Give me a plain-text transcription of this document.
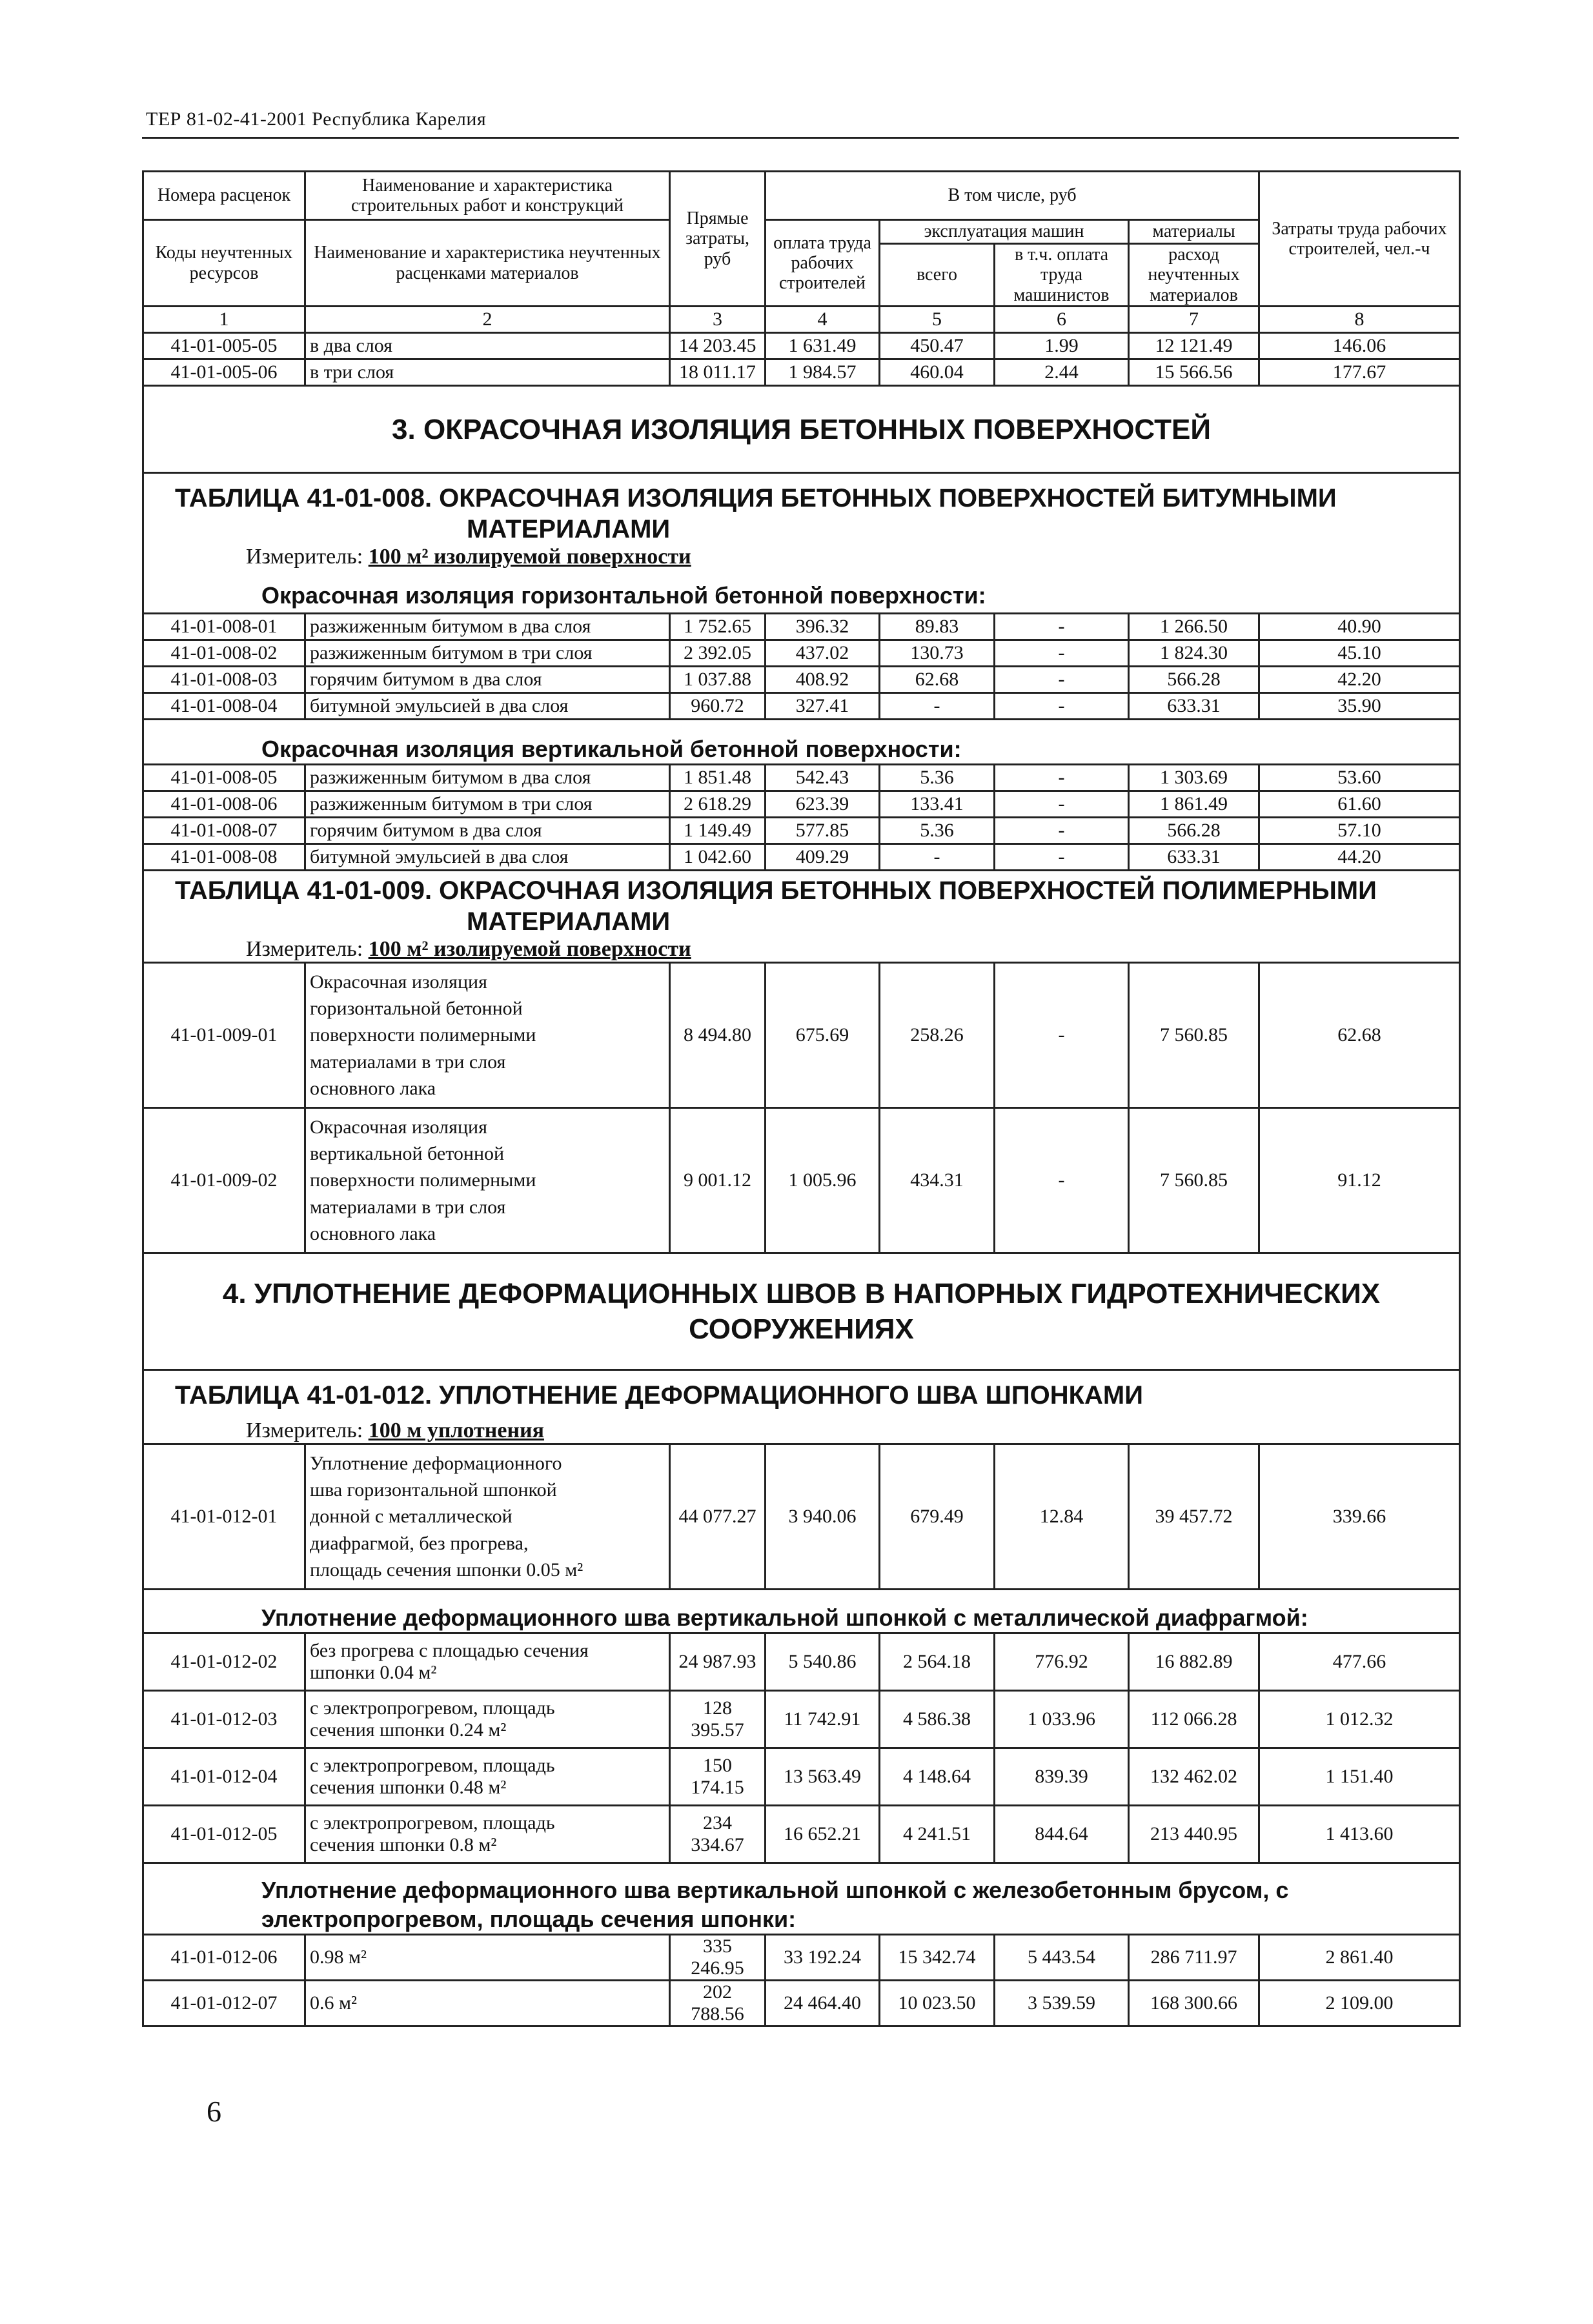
ТЕР 81-02-41-2001 Республика Карелия
Номера расценок	Наименование и характеристика строительных работ и конструкций	Прямые затраты, руб	В том числе, руб				Затраты труда рабочих строителей, чел.-ч
Коды неучтенных ресурсов	Наименование и характеристика неучтенных расценками материалов		оплата труда рабочих строителей	эксплуатация машин		материалы	
				всего	в т.ч. оплата труда машинистов	расход неучтенных материалов	
1	2	3	4	5	6	7	8
41-01-005-05	в два слоя	14 203.45	1 631.49	450.47	1.99	12 121.49	146.06
41-01-005-06	в три слоя	18 011.17	1 984.57	460.04	2.44	15 566.56	177.67
3. ОКРАСОЧНАЯ ИЗОЛЯЦИЯ БЕТОННЫХ ПОВЕРХНОСТЕЙ							

ТАБЛИЦА 41-01-008. ОКРАСОЧНАЯ ИЗОЛЯЦИЯ БЕТОННЫХ ПОВЕРХНОСТЕЙ БИТУМНЫМИ
МАТЕРИАЛАМИ
Измеритель: 100 м² изолируемой поверхности
Окрасочная изоляция горизонтальной бетонной поверхности:							

41-01-008-01	разжиженным битумом в два слоя	1 752.65	396.32	89.83	-	1 266.50	40.90
41-01-008-02	разжиженным битумом в три слоя	2 392.05	437.02	130.73	-	1 824.30	45.10
41-01-008-03	горячим битумом в два слоя	1 037.88	408.92	62.68	-	566.28	42.20
41-01-008-04	битумной эмульсией в два слоя	960.72	327.41	-	-	633.31	35.90

Окрасочная изоляция вертикальной бетонной поверхности:							

41-01-008-05	разжиженным битумом в два слоя	1 851.48	542.43	5.36	-	1 303.69	53.60
41-01-008-06	разжиженным битумом в три слоя	2 618.29	623.39	133.41	-	1 861.49	61.60
41-01-008-07	горячим битумом в два слоя	1 149.49	577.85	5.36	-	566.28	57.10
41-01-008-08	битумной эмульсией в два слоя	1 042.60	409.29	-	-	633.31	44.20

ТАБЛИЦА 41-01-009. ОКРАСОЧНАЯ ИЗОЛЯЦИЯ БЕТОННЫХ ПОВЕРХНОСТЕЙ ПОЛИМЕРНЫМИ
МАТЕРИАЛАМИ
Измеритель: 100 м² изолируемой поверхности							

41-01-009-01	Окрасочная изоляция
горизонтальной бетонной
поверхности полимерными
материалами в три слоя
основного лака	8 494.80	675.69	258.26	-	7 560.85	62.68
41-01-009-02	Окрасочная изоляция
вертикальной бетонной
поверхности полимерными
материалами в три слоя
основного лака	9 001.12	1 005.96	434.31	-	7 560.85	91.12

4. УПЛОТНЕНИЕ ДЕФОРМАЦИОННЫХ ШВОВ В НАПОРНЫХ ГИДРОТЕХНИЧЕСКИХ
СООРУЖЕНИЯХ							

ТАБЛИЦА 41-01-012. УПЛОТНЕНИЕ ДЕФОРМАЦИОННОГО ШВА ШПОНКАМИ
Измеритель: 100 м уплотнения							

41-01-012-01	Уплотнение деформационного
шва горизонтальной шпонкой
донной с металлической
диафрагмой, без прогрева,
площадь сечения шпонки 0.05 м²	44 077.27	3 940.06	679.49	12.84	39 457.72	339.66

Уплотнение деформационного шва вертикальной шпонкой с металлической диафрагмой:							

41-01-012-02	без прогрева с площадью сечения
шпонки 0.04 м²	24 987.93	5 540.86	2 564.18	776.92	16 882.89	477.66
41-01-012-03	с электропрогревом, площадь
сечения шпонки 0.24 м²	128 395.57	11 742.91	4 586.38	1 033.96	112 066.28	1 012.32
41-01-012-04	с электропрогревом, площадь
сечения шпонки 0.48 м²	150 174.15	13 563.49	4 148.64	839.39	132 462.02	1 151.40
41-01-012-05	с электропрогревом, площадь
сечения шпонки 0.8 м²	234 334.67	16 652.21	4 241.51	844.64	213 440.95	1 413.60

Уплотнение деформационного шва вертикальной шпонкой с железобетонным брусом, с
электропрогревом, площадь сечения шпонки:							

41-01-012-06	0.98 м²	335 246.95	33 192.24	15 342.74	5 443.54	286 711.97	2 861.40
41-01-012-07	0.6 м²	202 788.56	24 464.40	10 023.50	3 539.59	168 300.66	2 109.00
6
